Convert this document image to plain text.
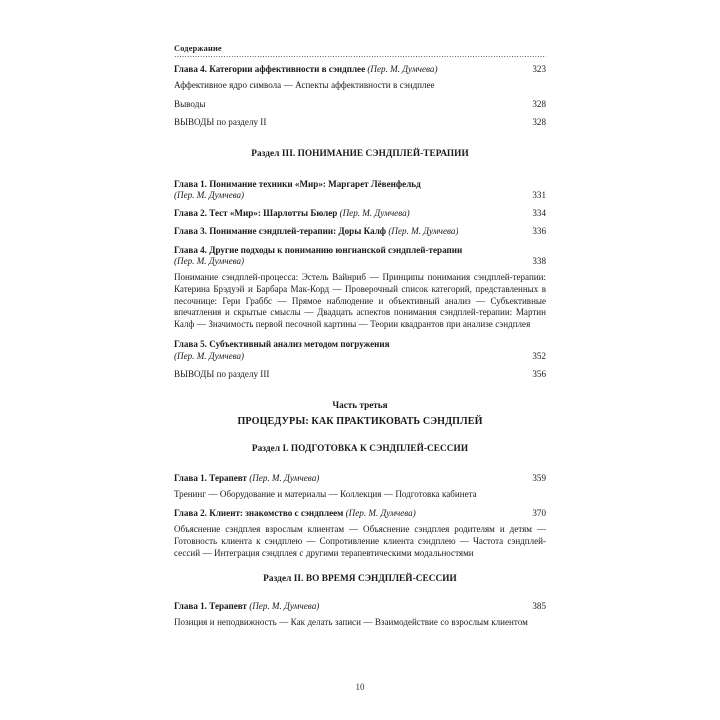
Содержание
Глава 4. Категории аффективности в сэндплее (Пер. М. Думчева)	323
Аффективное ядро символа — Аспекты аффективности в сэндплее
Выводы	328
ВЫВОДЫ по разделу II	328
Раздел III. ПОНИМАНИЕ СЭНДПЛЕЙ-ТЕРАПИИ
Глава 1. Понимание техники «Мир»: Маргарет Лёвенфельд
(Пер. М. Думчева)	331
Глава 2. Тест «Мир»: Шарлотты Бюлер (Пер. М. Думчева)	334
Глава 3. Понимание сэндплей-терапии: Доры Калф (Пер. М. Думчева)	336
Глава 4. Другие подходы к пониманию юнгианской сэндплей-терапии
(Пер. М. Думчева)	338
Понимание сэндплей-процесса: Эстель Вайнриб — Принципы понимания сэндплей-терапии: Катерина Брэдуэй и Барбара Мак-Корд — Проверочный список категорий, представленных в песочнице: Гери Граббс — Прямое наблюдение и объективный анализ — Субъективные впечатления и скрытые смыслы — Двадцать аспектов понимания сэндплей-терапии: Мартин Калф — Значимость первой песочной картины — Теории квадрантов при анализе сэндплея
Глава 5. Субъективный анализ методом погружения
(Пер. М. Думчева)	352
ВЫВОДЫ по разделу III	356
Часть третья
ПРОЦЕДУРЫ: КАК ПРАКТИКОВАТЬ СЭНДПЛЕЙ
Раздел I. ПОДГОТОВКА К СЭНДПЛЕЙ-СЕССИИ
Глава 1. Терапевт (Пер. М. Думчева)	359
Тренинг — Оборудование и материалы — Коллекция — Подготовка кабинета
Глава 2. Клиент: знакомство с сэндплеем (Пер. М. Думчева)	370
Объяснение сэндплея взрослым клиентам — Объяснение сэндплея родителям и детям — Готовность клиента к сэндплею — Сопротивление клиента сэндплею — Частота сэндплей-сессий — Интеграция сэндплея с другими терапевтическими модальностями
Раздел II. ВО ВРЕМЯ СЭНДПЛЕЙ-СЕССИИ
Глава 1. Терапевт (Пер. М. Думчева)	385
Позиция и неподвижность — Как делать записи — Взаимодействие со взрослым клиентом
10
